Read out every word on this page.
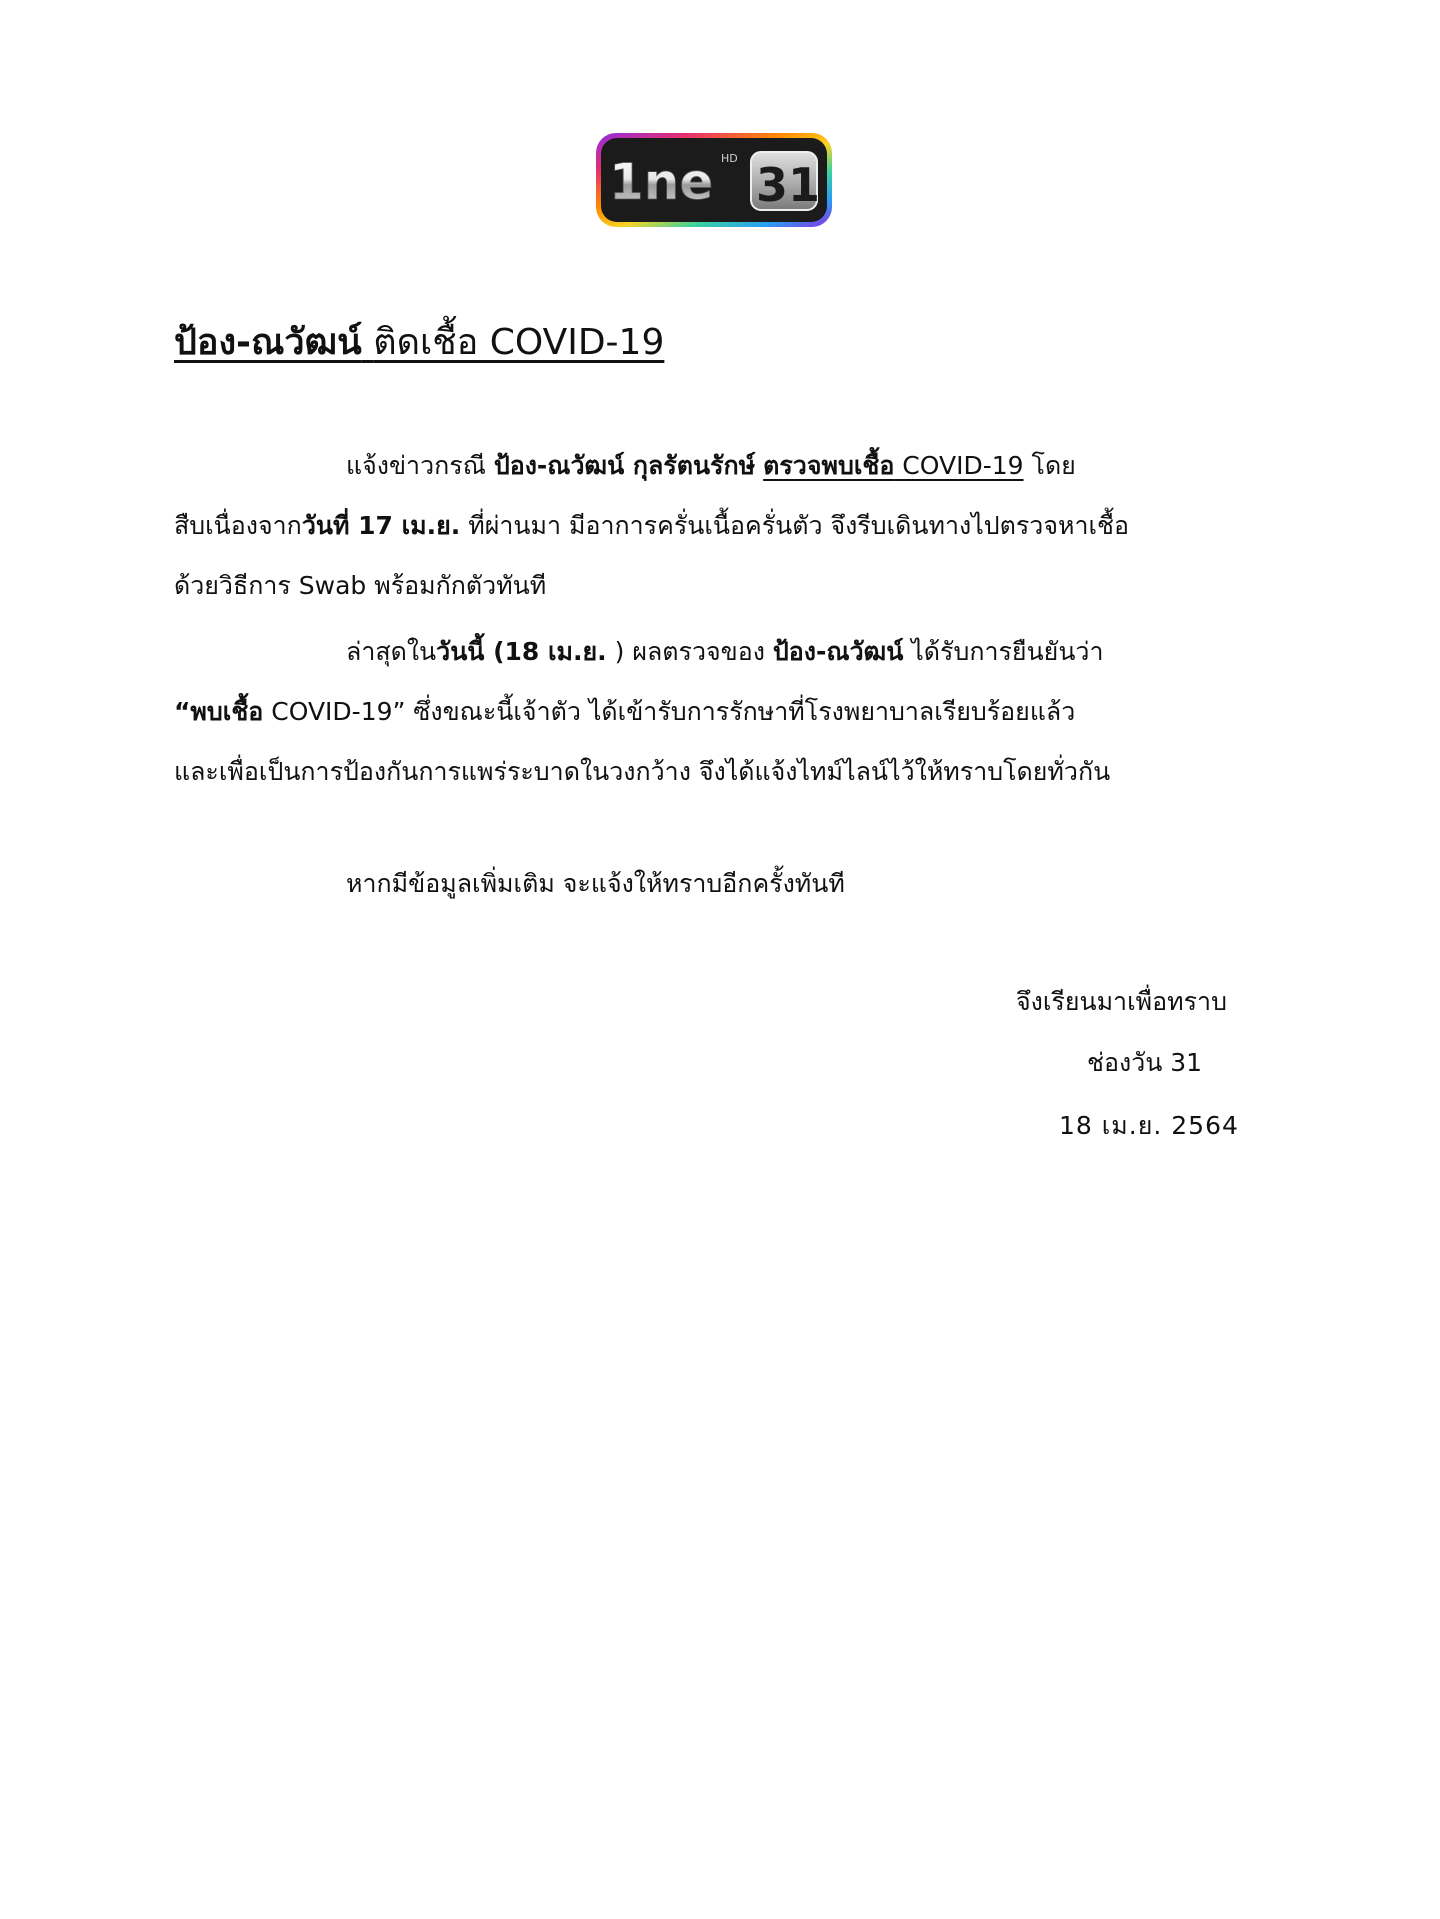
1ne HD 31
ป้อง-ณวัฒน์ ติดเชื้อ COVID-19
แจ้งข่าวกรณี ป้อง-ณวัฒน์ กุลรัตนรักษ์ ตรวจพบเชื้อ COVID-19 โดย
สืบเนื่องจากวันที่ 17 เม.ย. ที่ผ่านมา มีอาการครั่นเนื้อครั่นตัว จึงรีบเดินทางไปตรวจหาเชื้อ
ด้วยวิธีการ Swab พร้อมกักตัวทันที
ล่าสุดในวันนี้ (18 เม.ย. ) ผลตรวจของ ป้อง-ณวัฒน์ ได้รับการยืนยันว่า
“พบเชื้อ COVID-19” ซึ่งขณะนี้เจ้าตัว ได้เข้ารับการรักษาที่โรงพยาบาลเรียบร้อยแล้ว
และเพื่อเป็นการป้องกันการแพร่ระบาดในวงกว้าง จึงได้แจ้งไทม์ไลน์ไว้ให้ทราบโดยทั่วกัน
หากมีข้อมูลเพิ่มเติม จะแจ้งให้ทราบอีกครั้งทันที
จึงเรียนมาเพื่อทราบ
ช่องวัน 31
18 เม.ย. 2564
